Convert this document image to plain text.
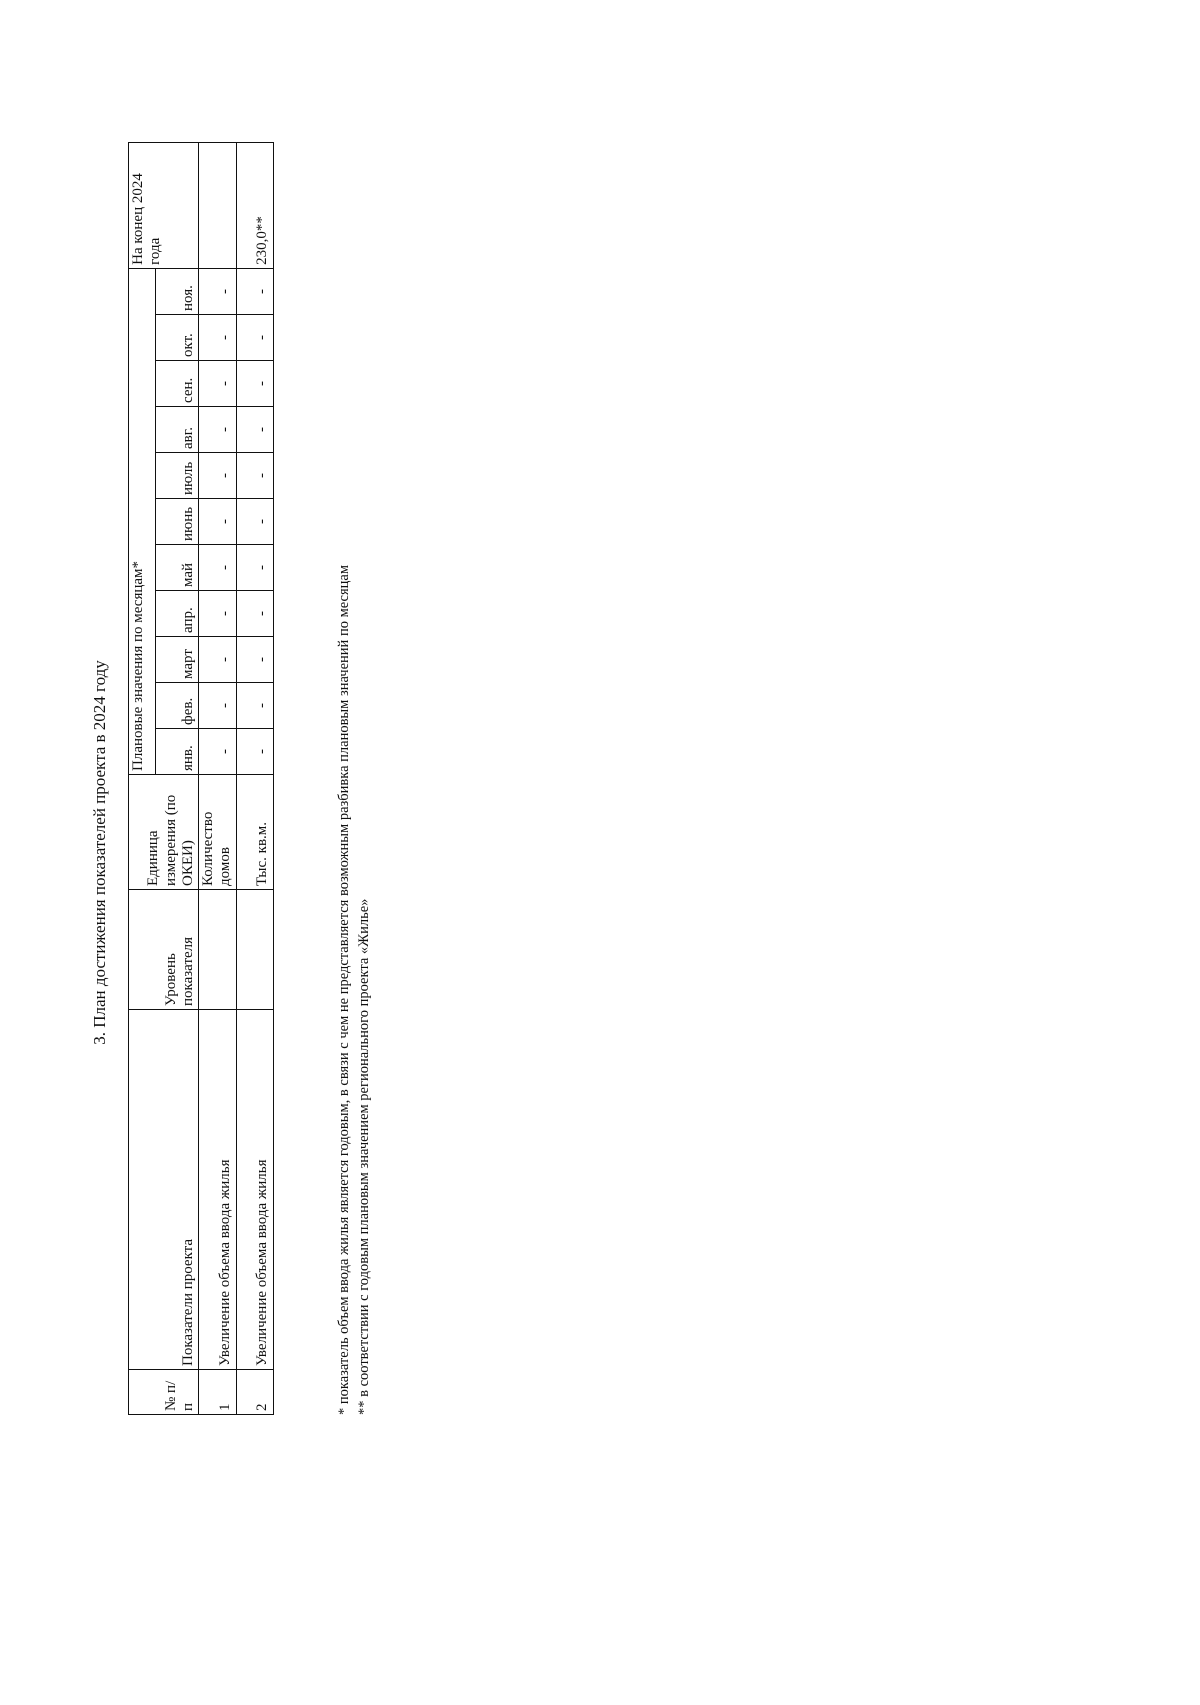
3. План достижения показателей проекта в 2024 году
№ п/п	Показатели проекта	Уровень показателя	Единица измерения (по ОКЕИ)	Плановые значения по месяцам*											На конец 2024 года
				янв.	фев.	март	апр.	май	июнь	июль	авг.	сен.	окт.	ноя.	
1	Увеличение объема ввода жилья		Количество домов	-	-	-	-	-	-	-	-	-	-	-	
2	Увеличение объема ввода жилья		Тыс. кв.м.	-	-	-	-	-	-	-	-	-	-	-	230,0**
* показатель объем ввода жилья является годовым, в связи с чем не представляется возможным разбивка плановым значений по месяцам ** в соответствии с годовым плановым значением регионального проекта «Жилье»
